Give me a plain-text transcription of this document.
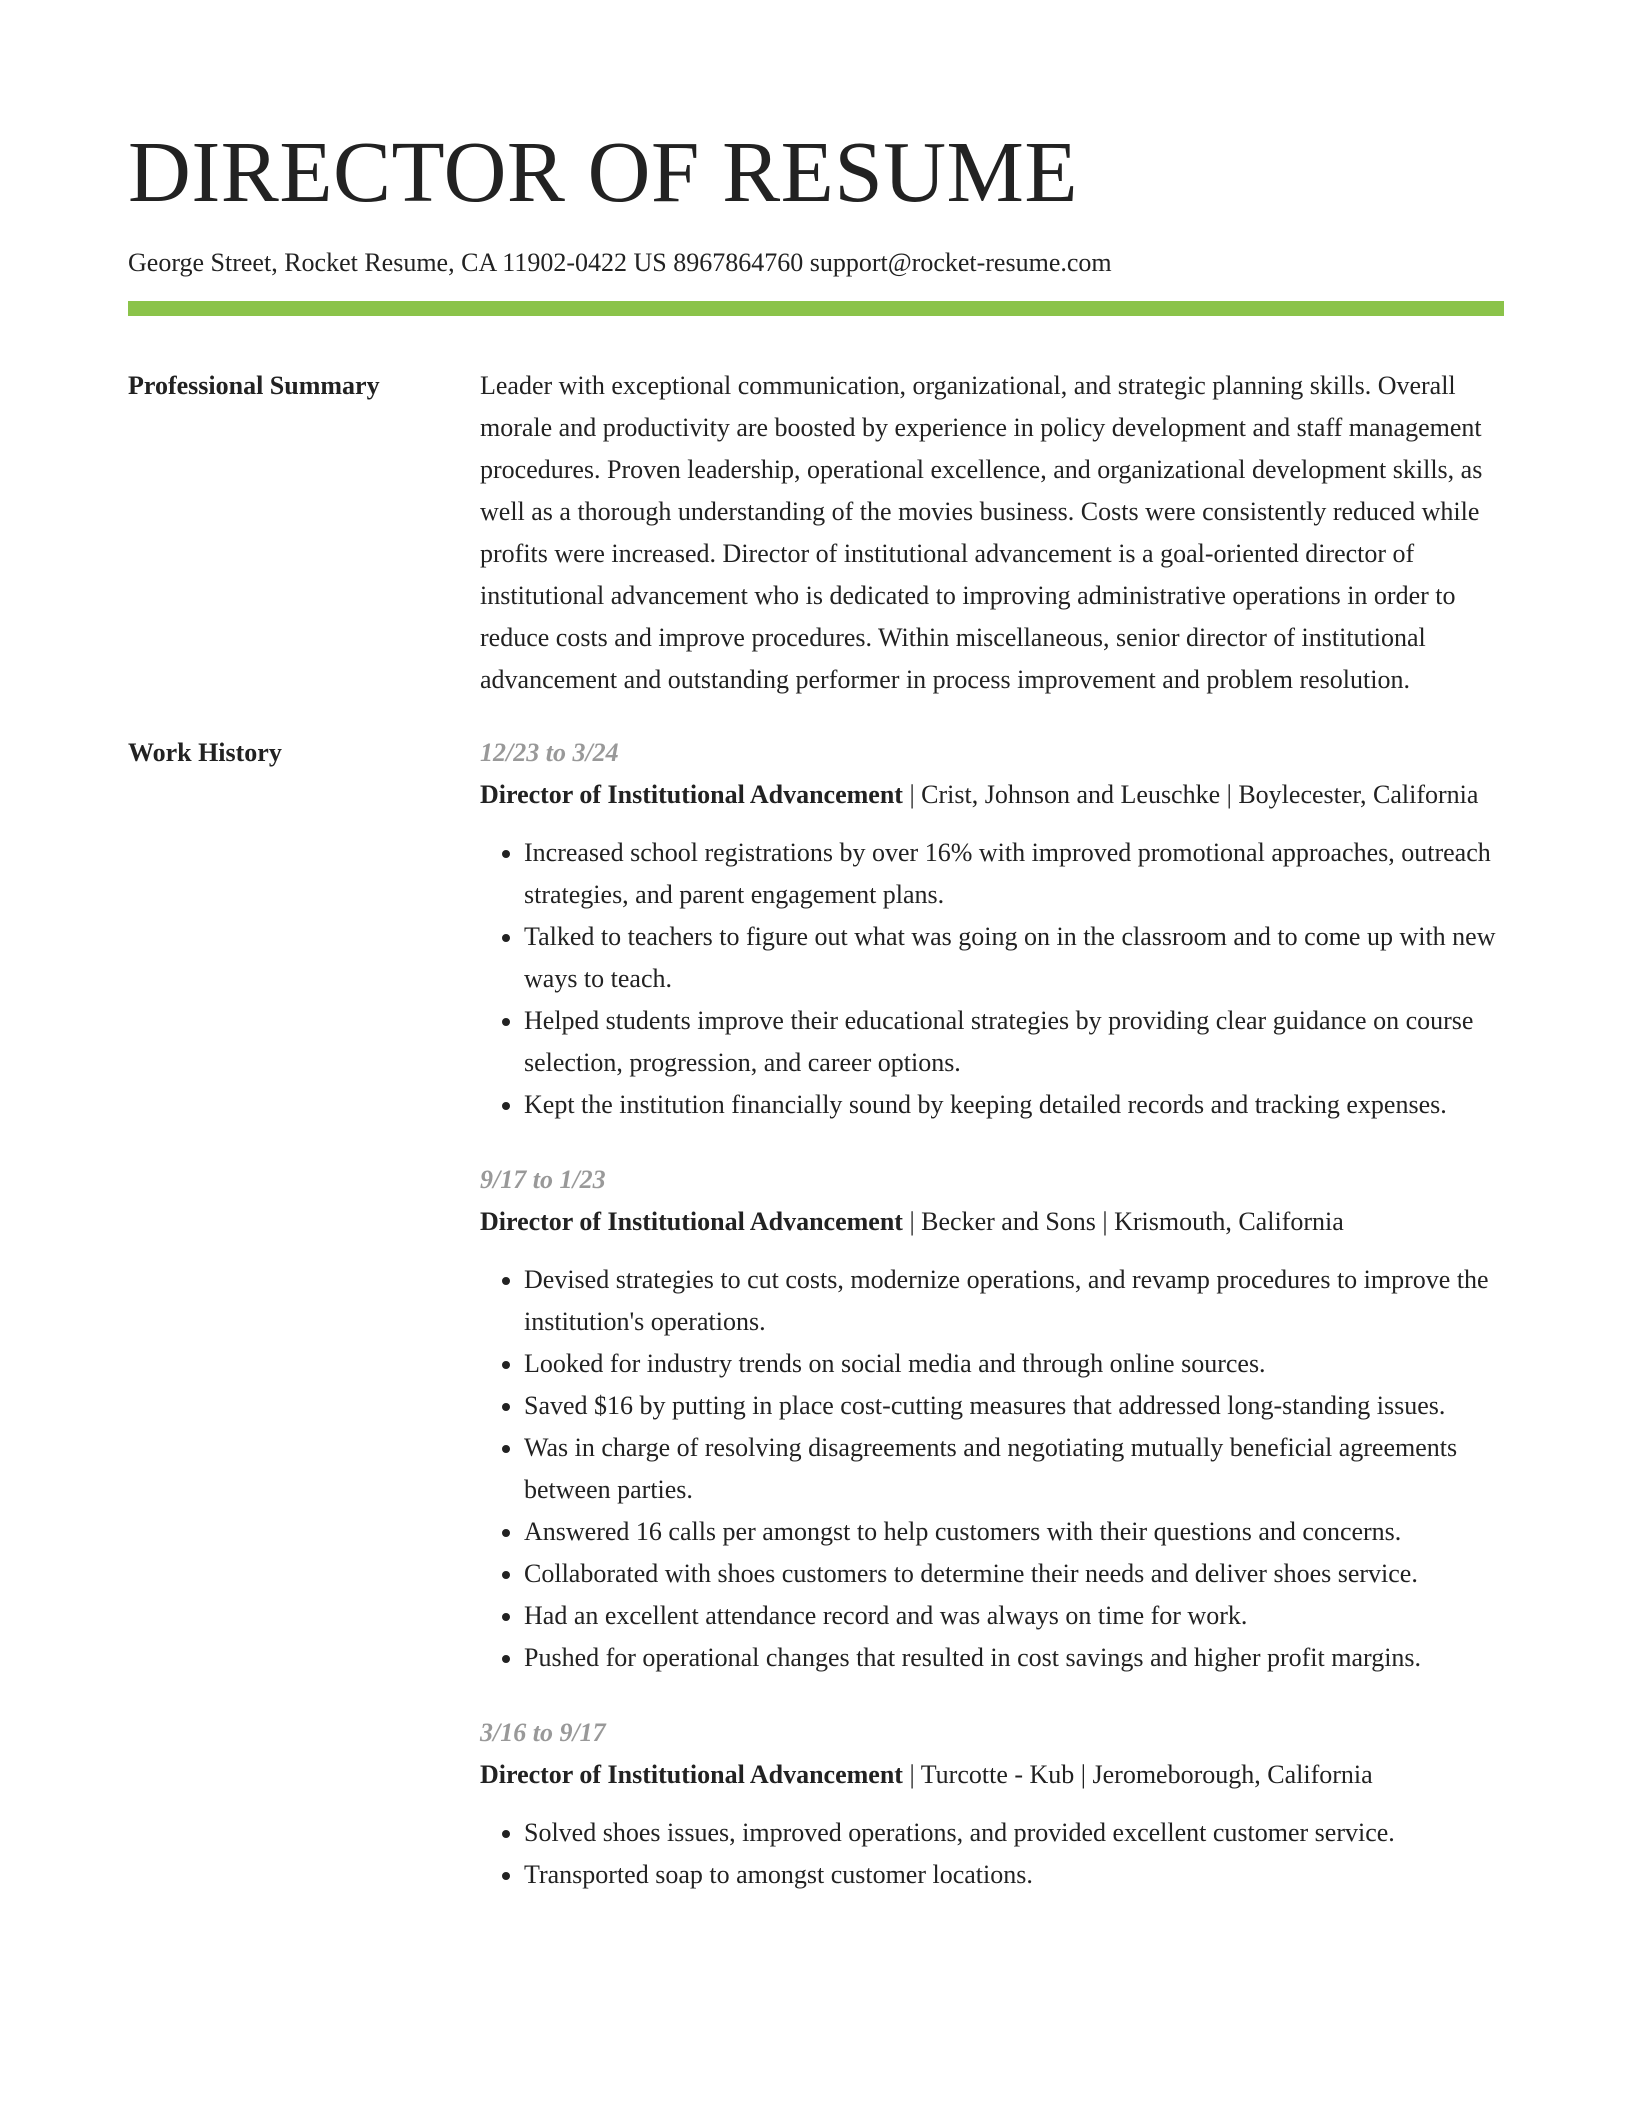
DIRECTOR OF RESUME
George Street, Rocket Resume, CA 11902-0422 US 8967864760 support@rocket-resume.com
Professional Summary	Leader with exceptional communication, organizational, and strategic planning skills. Overall morale and productivity are boosted by experience in policy development and staff management procedures. Proven leadership, operational excellence, and organizational development skills, as well as a thorough understanding of the movies business. Costs were consistently reduced while profits were increased. Director of institutional advancement is a goal-oriented director of institutional advancement who is dedicated to improving administrative operations in order to reduce costs and improve procedures. Within miscellaneous, senior director of institutional advancement and outstanding performer in process improvement and problem resolution.

Work History	12/23 to 3/24

Director of Institutional Advancement | Crist, Johnson and Leuschke | Boylecester, California

• Increased school registrations by over 16% with improved promotional approaches, outreach strategies, and parent engagement plans.
• Talked to teachers to figure out what was going on in the classroom and to come up with new ways to teach.
• Helped students improve their educational strategies by providing clear guidance on course selection, progression, and career options.
• Kept the institution financially sound by keeping detailed records and tracking expenses.
9/17 to 1/23

Director of Institutional Advancement | Becker and Sons | Krismouth, California

• Devised strategies to cut costs, modernize operations, and revamp procedures to improve the institution's operations.
• Looked for industry trends on social media and through online sources.
• Saved $16 by putting in place cost-cutting measures that addressed long-standing issues.
• Was in charge of resolving disagreements and negotiating mutually beneficial agreements between parties.
• Answered 16 calls per amongst to help customers with their questions and concerns.
• Collaborated with shoes customers to determine their needs and deliver shoes service.
• Had an excellent attendance record and was always on time for work.
• Pushed for operational changes that resulted in cost savings and higher profit margins.
3/16 to 9/17

Director of Institutional Advancement | Turcotte - Kub | Jeromeborough, California

• Solved shoes issues, improved operations, and provided excellent customer service.
• Transported soap to amongst customer locations.
